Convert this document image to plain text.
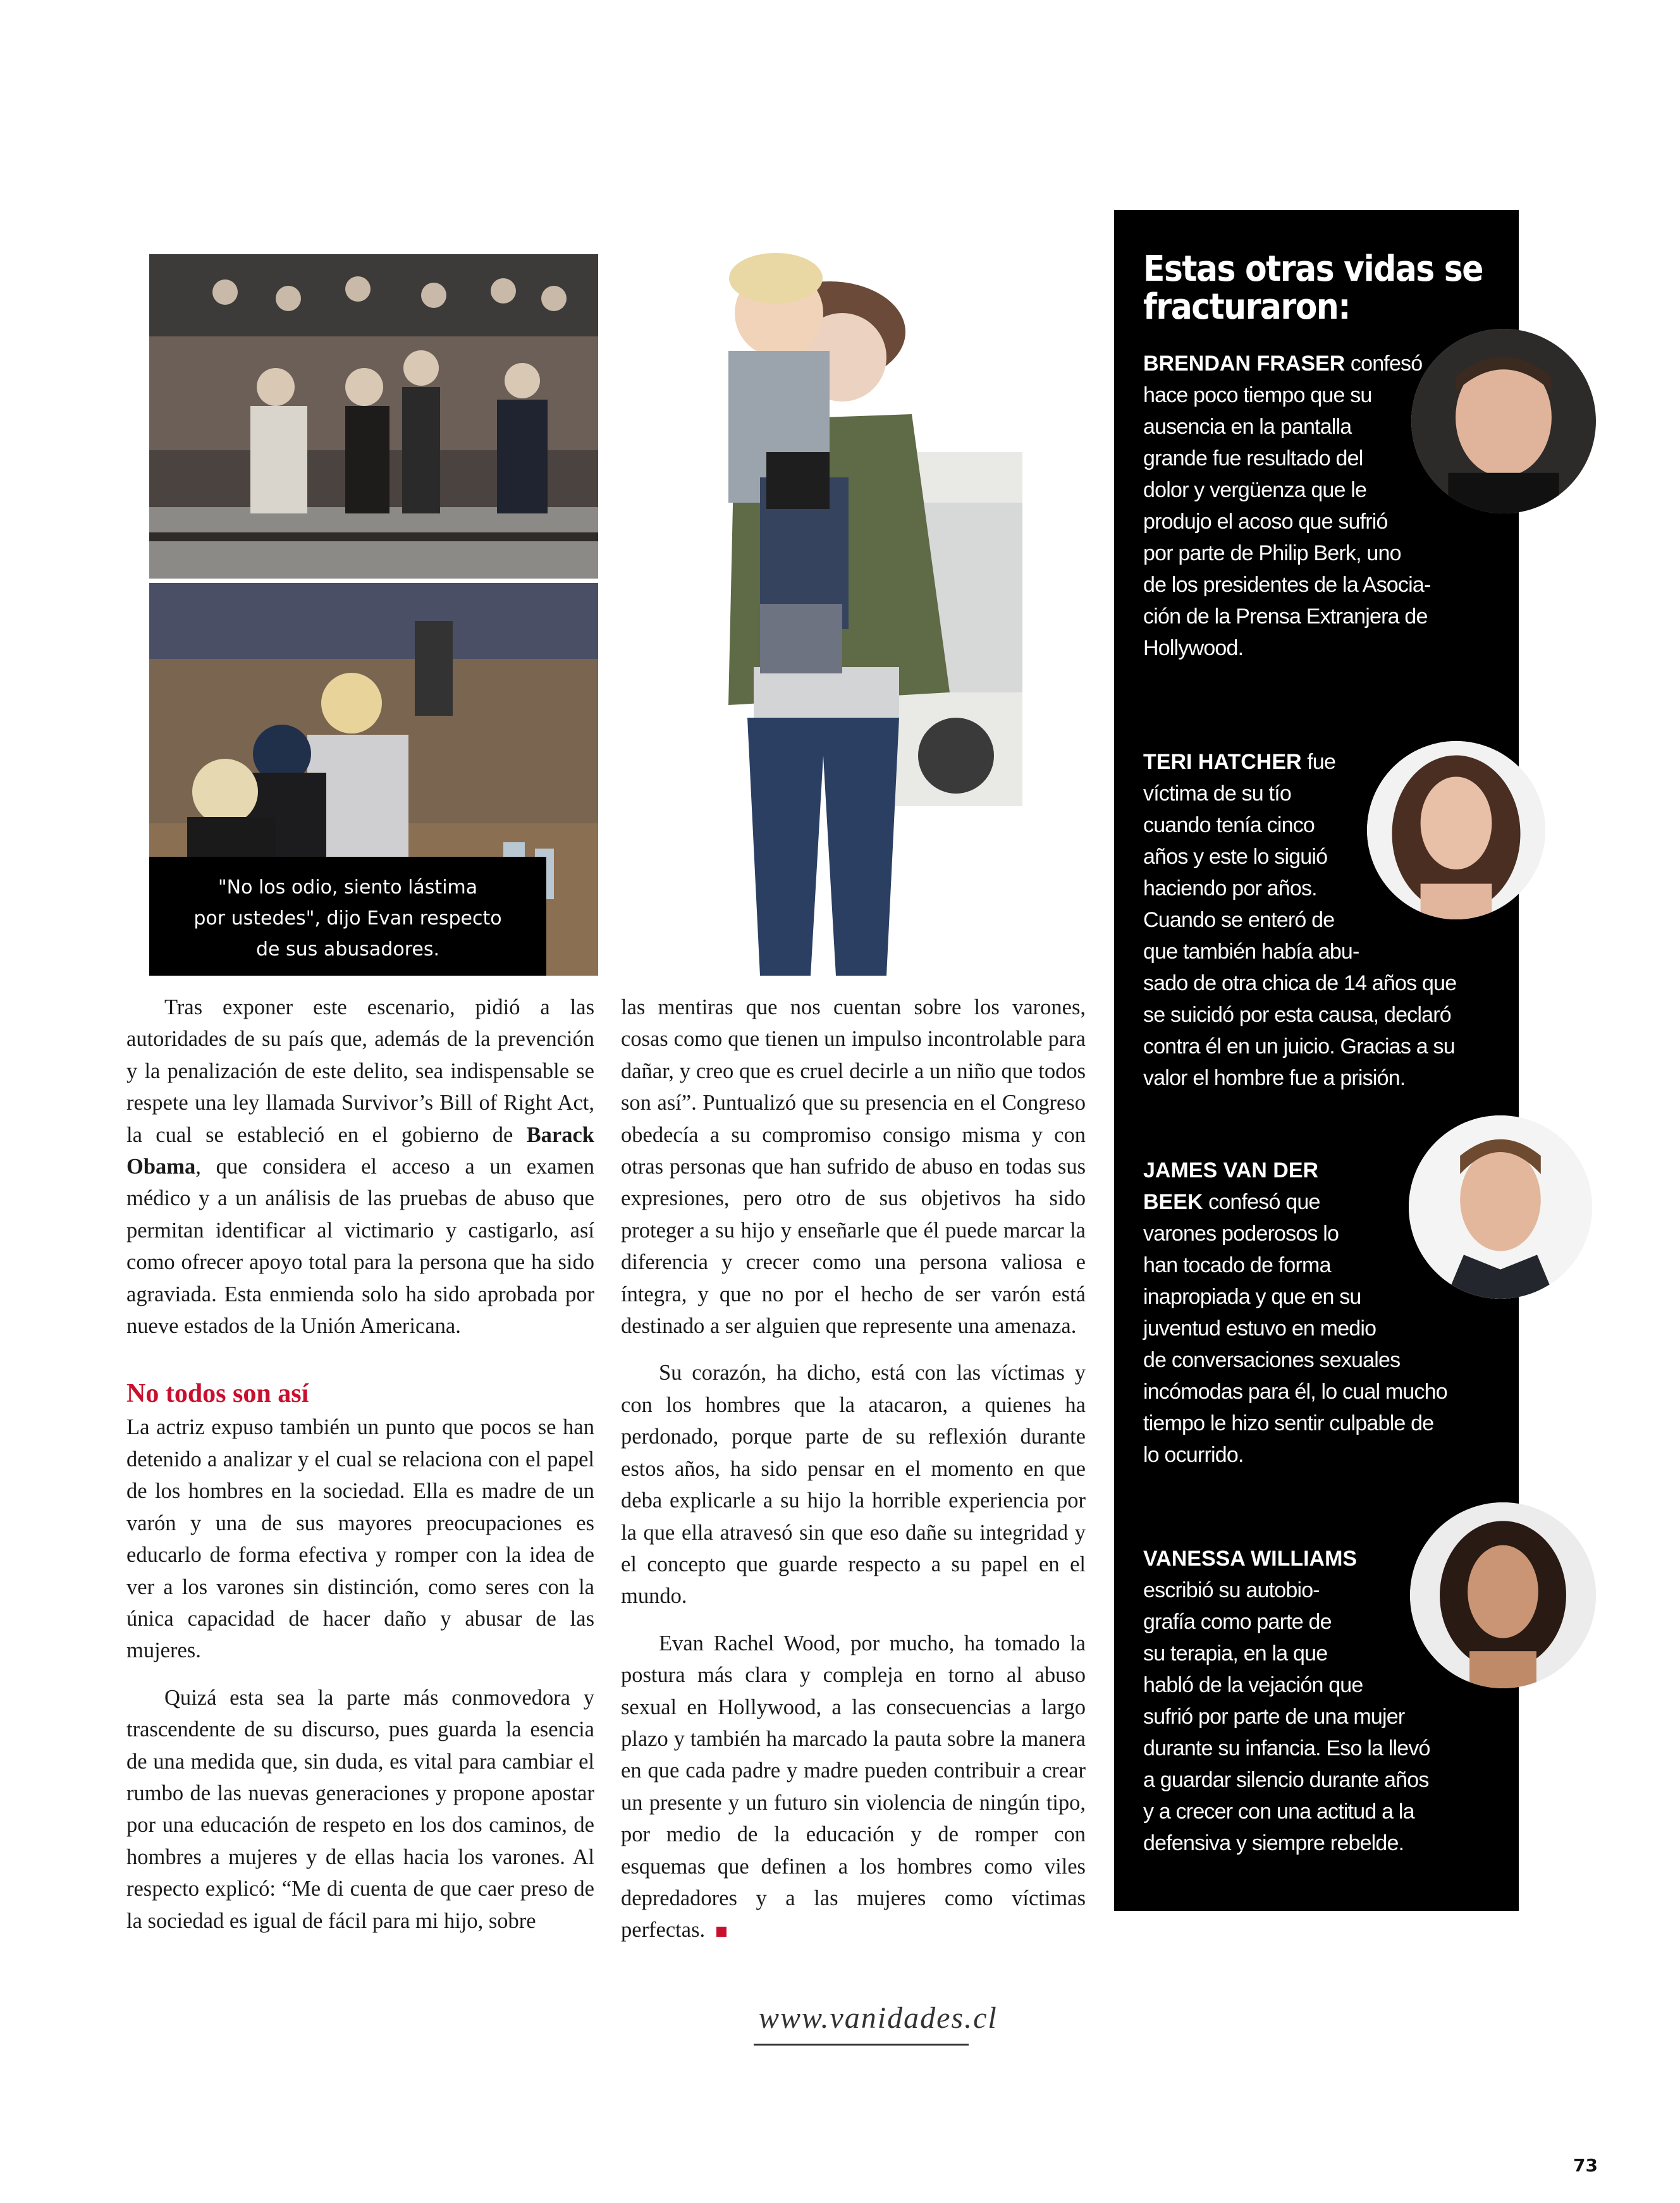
"No los odio, siento lástima
por ustedes", dijo Evan respecto
de sus abusadores.

Tras exponer este escenario, pidió a las autoridades de su país que, además de la prevención y la penalización de este delito, sea indispensable se respete una ley llamada Survivor’s Bill of Right Act, la cual se estableció en el gobierno de Barack Obama, que considera el acceso a un examen médico y a un análisis de las pruebas de abuso que permitan identificar al victimario y castigarlo, así como ofrecer apoyo total para la persona que ha sido agraviada. Esta enmienda solo ha sido aprobada por nueve estados de la Unión Americana.

No todos son así

La actriz expuso también un punto que pocos se han detenido a analizar y el cual se relaciona con el papel de los hombres en la sociedad. Ella es madre de un varón y una de sus mayores preocupaciones es educarlo de forma efectiva y romper con la idea de ver a los varones sin distinción, como seres con la única capacidad de hacer daño y abusar de las mujeres.

Quizá esta sea la parte más conmovedora y trascendente de su discurso, pues guarda la esencia de una medida que, sin duda, es vital para cambiar el rumbo de las nuevas generaciones y propone apostar por una educación de respeto en los dos caminos, de hombres a mujeres y de ellas hacia los varones. Al respecto explicó: “Me di cuenta de que caer preso de la sociedad es igual de fácil para mi hijo, sobre

las mentiras que nos cuentan sobre los varones, cosas como que tienen un impulso incontrolable para dañar, y creo que es cruel decirle a un niño que todos son así”. Puntualizó que su presencia en el Congreso obedecía a su compromiso consigo misma y con otras personas que han sufrido de abuso en todas sus expresiones, pero otro de sus objetivos ha sido proteger a su hijo y enseñarle que él puede marcar la diferencia y crecer como una persona valiosa e íntegra, y que no por el hecho de ser varón está destinado a ser alguien que represente una amenaza.

Su corazón, ha dicho, está con las víctimas y con los hombres que la atacaron, a quienes ha perdonado, porque parte de su reflexión durante estos años, ha sido pensar en el momento en que deba explicarle a su hijo la horrible experiencia por la que ella atravesó sin que eso dañe su integridad y el concepto que guarde respecto a su papel en el mundo.

Evan Rachel Wood, por mucho, ha tomado la postura más clara y compleja en torno al abuso sexual en Hollywood, a las consecuencias a largo plazo y también ha marcado la pauta sobre la manera en que cada padre y madre pueden contribuir a crear un presente y un futuro sin violencia de ningún tipo, por medio de la educación y de romper con esquemas que definen a los hombres como viles depredadores y a las mujeres como víctimas perfectas.

Estas otras vidas se
fracturaron:
BRENDAN FRASER confesó
hace poco tiempo que su
ausencia en la pantalla
grande fue resultado del
dolor y vergüenza que le
produjo el acoso que sufrió
por parte de Philip Berk, uno
de los presidentes de la Asocia-
ción de la Prensa Extranjera de
Hollywood.
TERI HATCHER fue
víctima de su tío
cuando tenía cinco
años y este lo siguió
haciendo por años.
Cuando se enteró de
que también había abu-
sado de otra chica de 14 años que
se suicidó por esta causa, declaró
contra él en un juicio. Gracias a su
valor el hombre fue a prisión.
JAMES VAN DER
BEEK confesó que
varones poderosos lo
han tocado de forma
inapropiada y que en su
juventud estuvo en medio
de conversaciones sexuales
incómodas para él, lo cual mucho
tiempo le hizo sentir culpable de
lo ocurrido.
VANESSA WILLIAMS
escribió su autobio-
grafía como parte de
su terapia, en la que
habló de la vejación que
sufrió por parte de una mujer
durante su infancia. Eso la llevó
a guardar silencio durante años
y a crecer con una actitud a la
defensiva y siempre rebelde.
www.vanidades.cl
73
